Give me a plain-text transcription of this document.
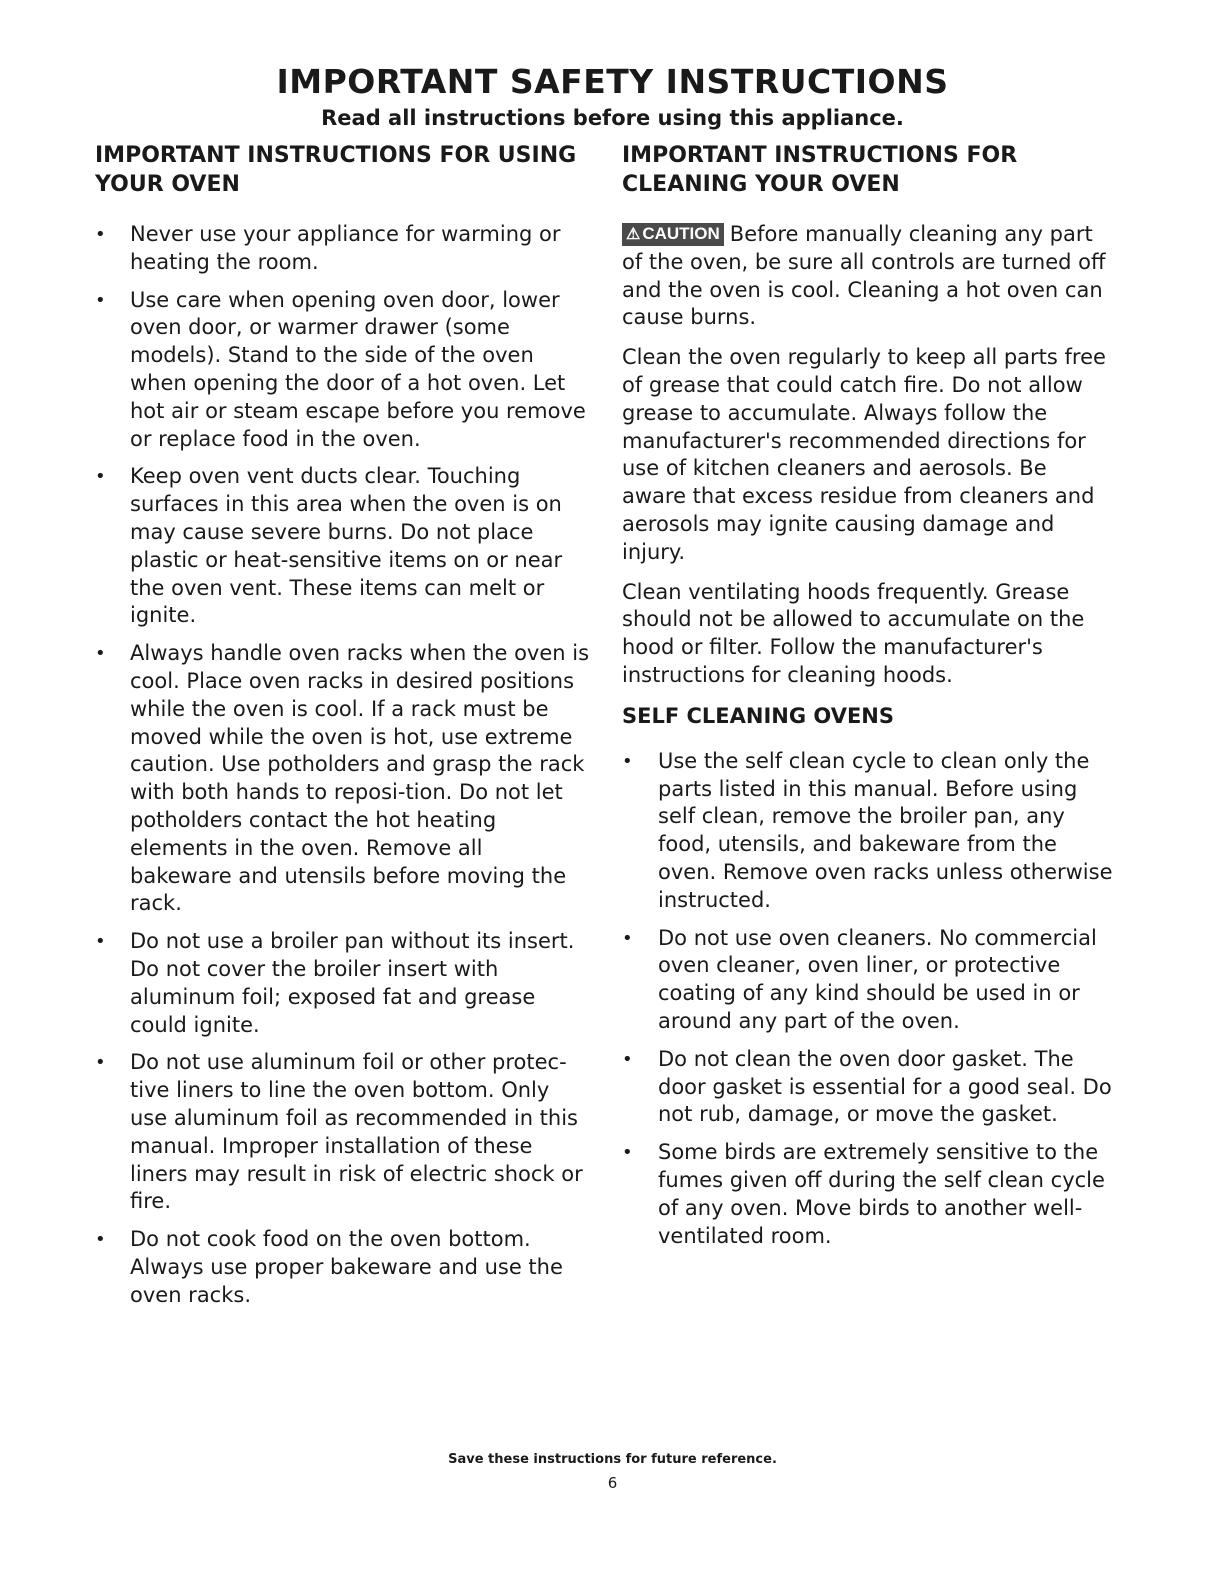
IMPORTANT SAFETY INSTRUCTIONS
Read all instructions before using this appliance.
IMPORTANT INSTRUCTIONS FOR USING YOUR OVEN
• Never use your appliance for warming or heating the room.
• Use care when opening oven door, lower oven door, or warmer drawer (some models). Stand to the side of the oven when opening the door of a hot oven. Let hot air or steam escape before you remove or replace food in the oven.
• Keep oven vent ducts clear. Touching surfaces in this area when the oven is on may cause severe burns. Do not place plastic or heat-sensitive items on or near the oven vent. These items can melt or ignite.
• Always handle oven racks when the oven is cool. Place oven racks in desired positions while the oven is cool. If a rack must be moved while the oven is hot, use extreme caution. Use potholders and grasp the rack with both hands to reposi-tion. Do not let potholders contact the hot heating elements in the oven. Remove all bakeware and utensils before moving the rack.
• Do not use a broiler pan without its insert. Do not cover the broiler insert with aluminum foil; exposed fat and grease could ignite.
• Do not use aluminum foil or other protec-tive liners to line the oven bottom. Only use aluminum foil as recommended in this manual. Improper installation of these liners may result in risk of electric shock or fire.
• Do not cook food on the oven bottom. Always use proper bakeware and use the oven racks.
IMPORTANT INSTRUCTIONS FOR CLEANING YOUR OVEN

⚠ CAUTION Before manually cleaning any part of the oven, be sure all controls are turned off and the oven is cool. Cleaning a hot oven can cause burns.

Clean the oven regularly to keep all parts free of grease that could catch fire. Do not allow grease to accumulate. Always follow the manufacturer's recommended directions for use of kitchen cleaners and aerosols. Be aware that excess residue from cleaners and aerosols may ignite causing damage and injury.

Clean ventilating hoods frequently. Grease should not be allowed to accumulate on the hood or filter. Follow the manufacturer's instructions for cleaning hoods.

SELF CLEANING OVENS
• Use the self clean cycle to clean only the parts listed in this manual. Before using self clean, remove the broiler pan, any food, utensils, and bakeware from the oven. Remove oven racks unless otherwise instructed.
• Do not use oven cleaners. No commercial oven cleaner, oven liner, or protective coating of any kind should be used in or around any part of the oven.
• Do not clean the oven door gasket. The door gasket is essential for a good seal. Do not rub, damage, or move the gasket.
• Some birds are extremely sensitive to the fumes given off during the self clean cycle of any oven. Move birds to another well-ventilated room.
Save these instructions for future reference.
6
